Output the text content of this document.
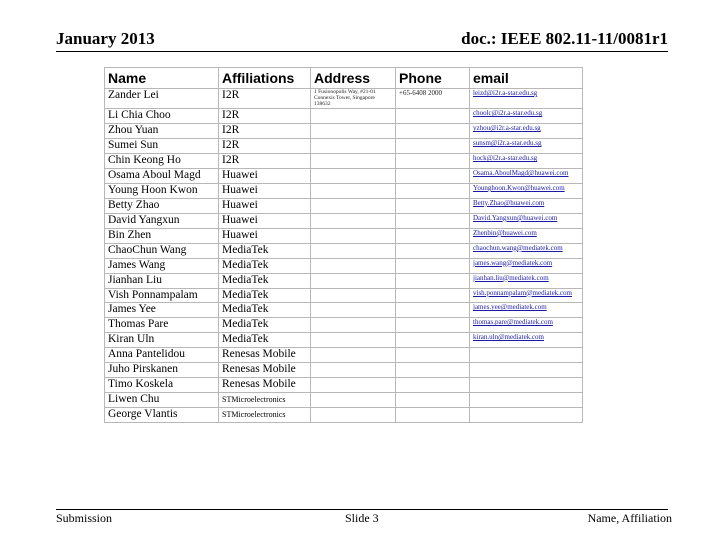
January 2013	doc.: IEEE 802.11-11/0081r1
Name	Affiliations	Address	Phone	email
Zander Lei	I2R	1 Fusionopolis Way, #21-01 Connexis Tower, Singapore 138632	+65-6408 2000	leizd@i2r.a-star.edu.sg
Li Chia Choo	I2R			choolc@i2r.a-star.edu.sg
Zhou Yuan	I2R			yzhou@i2r.a-star.edu.sg
Sumei Sun	I2R			sunsm@i2r.a-star.edu.sg
Chin Keong Ho	I2R			hock@i2r.a-star.edu.sg
Osama Aboul Magd	Huawei			Osama.AboulMagd@huawei.com
Young Hoon Kwon	Huawei			Younghoon.Kwon@huawei.com
Betty Zhao	Huawei			Betty.Zhao@huawei.com
David Yangxun	Huawei			David.Yangxun@huawei.com
Bin Zhen	Huawei			Zhenbin@huawei.com
ChaoChun Wang	MediaTek			chaochun.wang@mediatek.com
James Wang	MediaTek			james.wang@mediatek.com
Jianhan Liu	MediaTek			jianhan.liu@mediatek.com
Vish Ponnampalam	MediaTek			vish.ponnampalam@mediatek.com
James Yee	MediaTek			james.yee@mediatek.com
Thomas Pare	MediaTek			thomas.pare@mediatek.com
Kiran Uln	MediaTek			kiran.uln@mediatek.com
Anna Pantelidou	Renesas Mobile			
Juho Pirskanen	Renesas Mobile			
Timo Koskela	Renesas Mobile			
Liwen Chu	STMicroelectronics			
George Vlantis	STMicroelectronics			
Submission	Slide 3	Name, Affiliation
